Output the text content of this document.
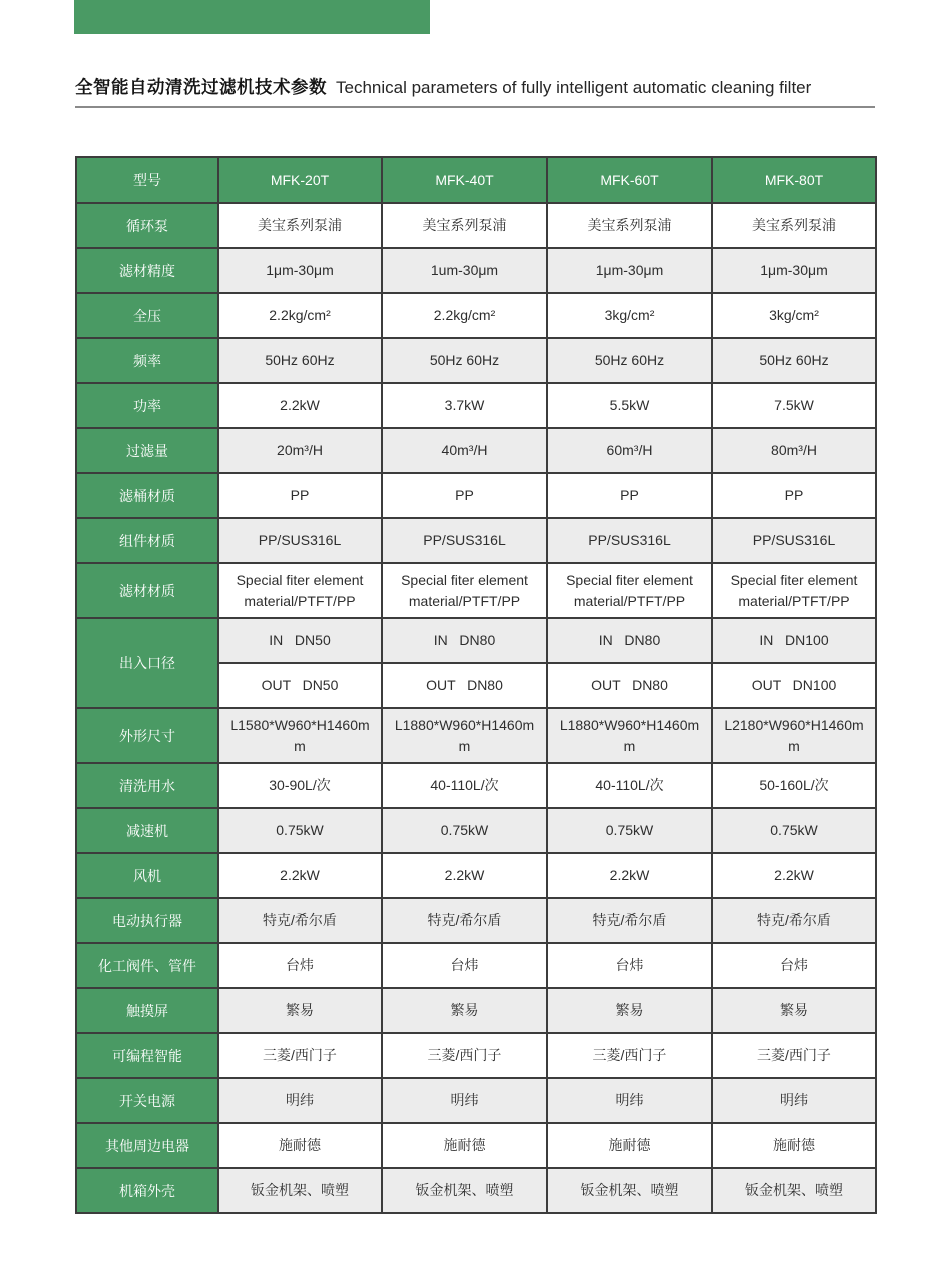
全智能自动清洗过滤机技术参数 Technical parameters of fully intelligent automatic cleaning filter
型号	MFK-20T	MFK-40T	MFK-60T	MFK-80T
循环泵	美宝系列泵浦	美宝系列泵浦	美宝系列泵浦	美宝系列泵浦
滤材精度	1μm-30μm	1um-30μm	1μm-30μm	1μm-30μm
全压	2.2kg/cm²	2.2kg/cm²	3kg/cm²	3kg/cm²
频率	50Hz 60Hz	50Hz 60Hz	50Hz 60Hz	50Hz 60Hz
功率	2.2kW	3.7kW	5.5kW	7.5kW
过滤量	20m³/H	40m³/H	60m³/H	80m³/H
滤桶材质	PP	PP	PP	PP
组件材质	PP/SUS316L	PP/SUS316L	PP/SUS316L	PP/SUS316L
滤材材质	Special fiter element material/PTFT/PP	Special fiter element material/PTFT/PP	Special fiter element material/PTFT/PP	Special fiter element material/PTFT/PP
出入口径	IN   DN50	IN   DN80	IN   DN80	IN   DN100
	OUT   DN50	OUT   DN80	OUT   DN80	OUT   DN100
外形尺寸	L1580*W960*H1460mm	L1880*W960*H1460mm	L1880*W960*H1460mm	L2180*W960*H1460mm
清洗用水	30-90L/次	40-110L/次	40-110L/次	50-160L/次
减速机	0.75kW	0.75kW	0.75kW	0.75kW
风机	2.2kW	2.2kW	2.2kW	2.2kW
电动执行器	特克/希尔盾	特克/希尔盾	特克/希尔盾	特克/希尔盾
化工阀件、管件	台炜	台炜	台炜	台炜
触摸屏	繁易	繁易	繁易	繁易
可编程智能	三菱/西门子	三菱/西门子	三菱/西门子	三菱/西门子
开关电源	明纬	明纬	明纬	明纬
其他周边电器	施耐德	施耐德	施耐德	施耐德
机箱外壳	钣金机架、喷塑	钣金机架、喷塑	钣金机架、喷塑	钣金机架、喷塑
